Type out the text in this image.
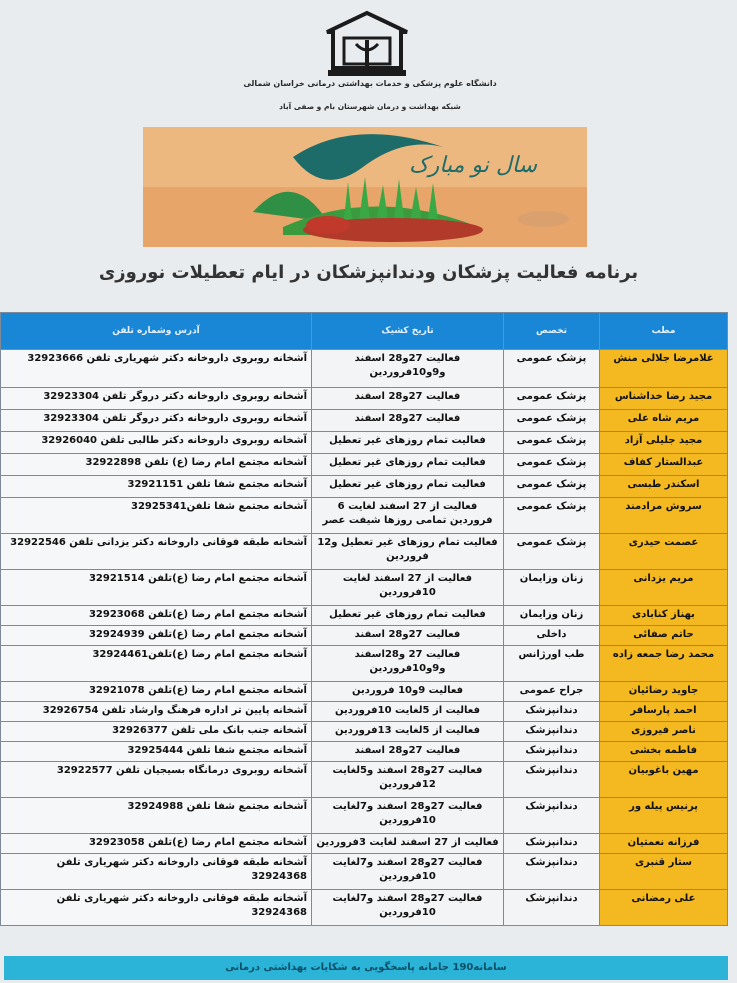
دانشگاه علوم پزشکی و خدمات بهداشتی درمانی خراسان شمالی
شبکه بهداشت و درمان شهرستان بام و صفی آباد
سال نو مبارک
برنامه فعالیت پزشکان ودندانپزشکان در ایام تعطیلات نوروزی
مطب	تخصص	تاریخ کشیک	آدرس وشماره تلفن
غلامرضا جلالی منش	پزشک عمومی	فعالیت 27و28 اسفند و9و10فروردین	آشخانه روبروی داروخانه دکتر شهریاری تلفن 32923666
مجید رضا خداشناس	پزشک عمومی	فعالیت 27و28 اسفند	آشخانه روبروی داروخانه دکتر دروگر تلفن 32923304
مریم شاه علی	پزشک عمومی	فعالیت 27و28 اسفند	آشخانه روبروی داروخانه دکتر دروگر تلفن 32923304
مجید جلیلی آزاد	پزشک عمومی	فعالیت تمام روزهای غیر تعطیل	آشخانه روبروی داروخانه دکتر طالبی تلفن 32926040
عبدالستار کفاف	پزشک عمومی	فعالیت تمام روزهای غیر تعطیل	آشخانه مجتمع امام رضا (ع) تلفن 32922898
اسکندر طبسی	پزشک عمومی	فعالیت تمام روزهای غیر تعطیل	آشخانه مجتمع شفا تلفن 32921151
سروش مرادمند	پزشک عمومی	فعالیت از 27 اسفند لغایت 6 فروردین تمامی روزها شیفت عصر	آشخانه مجتمع شفا تلفن32925341
عصمت حیدری	پزشک عمومی	فعالیت تمام روزهای غیر تعطیل و12 فروردین	آشخانه طبقه فوقانی داروخانه دکتر یزدانی تلفن 32922546
مریم یزدانی	زنان وزایمان	فعالیت از 27 اسفند لغایت 10فروردین	آشخانه مجتمع امام رضا (ع)تلفن 32921514
بهناز کنابادی	زنان وزایمان	فعالیت تمام روزهای غیر تعطیل	آشخانه مجتمع امام رضا (ع)تلفن 32923068
حاتم صفائی	داخلی	فعالیت 27و28 اسفند	آشخانه مجتمع امام رضا (ع)تلفن 32924939
محمد رضا جمعه زاده	طب اورژانس	فعالیت 27 و28اسفند و9و10فروردین	آشخانه مجتمع امام رضا (ع)تلفن32924461
جاوید رضائیان	جراح عمومی	فعالیت 9و10 فروردین	آشخانه مجتمع امام رضا (ع)تلفن 32921078
احمد پارسافر	دندانپزشک	فعالیت از 5لغایت 10فروردین	آشخانه پایین تر اداره فرهنگ وارشاد تلفن 32926754
ناصر فیروزی	دندانپزشک	فعالیت از 5لغایت 13فروردین	آشخانه جنب بانک ملی تلفن 32926377
فاطمه بخشی	دندانپزشک	فعالیت 27و28 اسفند	آشخانه مجتمع شفا تلفن 32925444
مهین باغوبیان	دندانپزشک	فعالیت 27و28 اسفند و5لغایت 12فروردین	آشخانه روبروی درمانگاه بسیجیان تلفن 32922577
پرنیس پیله ور	دندانپزشک	فعالیت 27و28 اسفند و7لغایت 10فروردین	آشخانه مجتمع شفا تلفن 32924988
فرزانه نعمتیان	دندانپزشک	فعالیت از 27 اسفند لغایت 3فروردین	آشخانه مجتمع امام رضا (ع)تلفن 32923058
ستار قنبری	دندانپزشک	فعالیت 27و28 اسفند و7لغایت 10فروردین	آشخانه طبقه فوقانی داروخانه دکتر شهریاری تلفن 32924368
علی رمضانی	دندانپزشک	فعالیت 27و28 اسفند و7لغایت 10فروردین	آشخانه طبقه فوقانی داروخانه دکتر شهریاری تلفن 32924368
سامانه190 جامانه پاسخگویی به شکایات بهداشتی درمانی
